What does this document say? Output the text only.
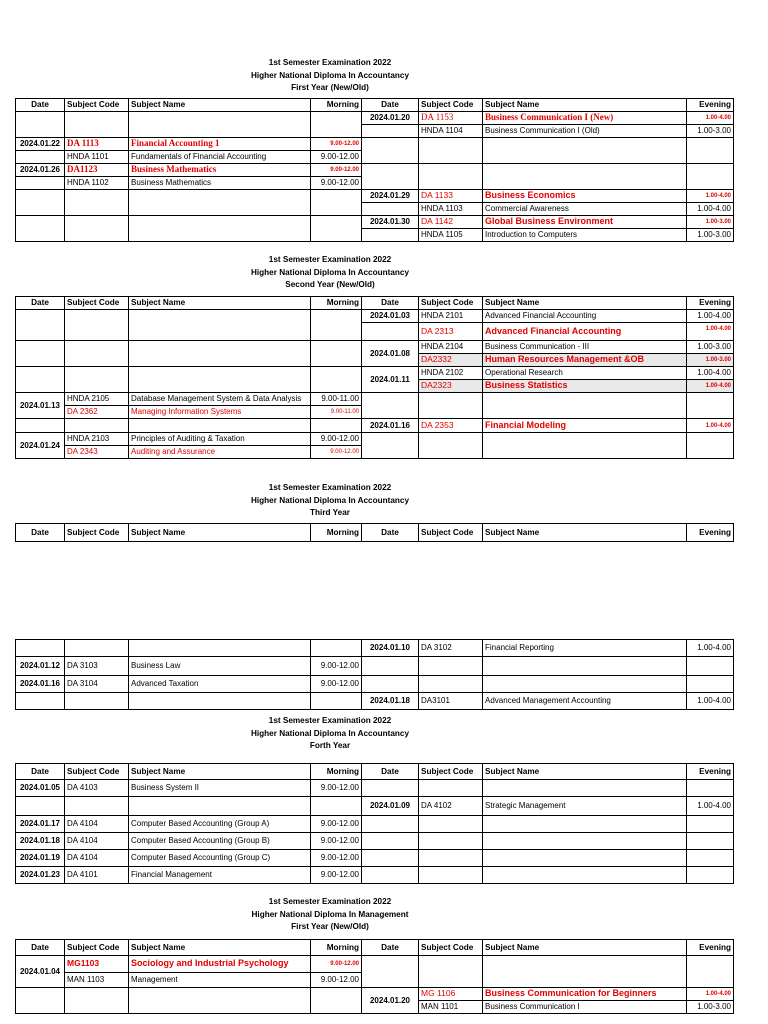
1st Semester Examination 2022
Higher National Diploma In Accountancy
First Year (New/Old)
Date	Subject Code	Subject Name	Morning	Date	Subject Code	Subject Name	Evening
				2024.01.20	DA 1153	Business Communication I (New)	1.00-4.00
					HNDA 1104	Business Communication I (Old)	1.00-3.00
2024.01.22	DA 1113	Financial Accounting 1	9.00-12.00				
	HNDA 1101	Fundamentals of Financial Accounting	9.00-12.00				
2024.01.26	DA1123	Business Mathematics	9.00-12.00				
	HNDA 1102	Business Mathematics	9.00-12.00				
				2024.01.29	DA 1133	Business Economics	1.00-4.00
					HNDA 1103	Commercial Awareness	1.00-4.00
				2024.01.30	DA 1142	Global Business Environment	1.00-3.00
					HNDA 1105	Introduction to Computers	1.00-3.00
1st Semester Examination 2022
Higher National Diploma In Accountancy
Second Year (New/Old)
Date	Subject Code	Subject Name	Morning	Date	Subject Code	Subject Name	Evening
				2024.01.03	HNDA 2101	Advanced Financial Accounting	1.00-4.00
					DA 2313	Advanced Financial Accounting	1.00-4.00
				2024.01.08	HNDA 2104	Business Communication - III	1.00-3.00
					DA2332	Human Resources Management &OB	1.00-3.00
				2024.01.11	HNDA 2102	Operational Research	1.00-4.00
					DA2323	Business Statistics	1.00-4.00
2024.01.13	HNDA 2105	Database Management System & Data Analysis	9.00-11.00				
	DA 2362	Managing Information Systems	9.00-11.00				
				2024.01.16	DA 2353	Financial Modeling	1.00-4.00
2024.01.24	HNDA 2103	Principles of Auditing & Taxation	9.00-12.00				
	DA 2343	Auditing and Assurance	9.00-12.00				
1st Semester Examination 2022
Higher National Diploma In Accountancy
Third Year
Date	Subject Code	Subject Name	Morning	Date	Subject Code	Subject Name	Evening
				2024.01.10	DA 3102	Financial Reporting	1.00-4.00
2024.01.12	DA 3103	Business Law	9.00-12.00				
2024.01.16	DA 3104	Advanced Taxation	9.00-12.00				
				2024.01.18	DA3101	Advanced Management Accounting	1.00-4.00
1st Semester Examination 2022
Higher National Diploma In Accountancy
Forth Year
Date	Subject Code	Subject Name	Morning	Date	Subject Code	Subject Name	Evening
2024.01.05	DA 4103	Business System II	9.00-12.00				
				2024.01.09	DA 4102	Strategic Management	1.00-4.00
2024.01.17	DA 4104	Computer Based Accounting (Group A)	9.00-12.00				
2024.01.18	DA 4104	Computer Based Accounting (Group B)	9.00-12.00				
2024.01.19	DA 4104	Computer Based Accounting (Group C)	9.00-12.00				
2024.01.23	DA 4101	Financial Management	9.00-12.00				
1st Semester Examination 2022
Higher National Diploma In Management
First Year (New/Old)
Date	Subject Code	Subject Name	Morning	Date	Subject Code	Subject Name	Evening
2024.01.04	MG1103	Sociology and Industrial Psychology	9.00-12.00				
	MAN 1103	Management	9.00-12.00				
				2024.01.20	MG 1106	Business Communication for Beginners	1.00-4.00
					MAN 1101	Business Communication I	1.00-3.00
